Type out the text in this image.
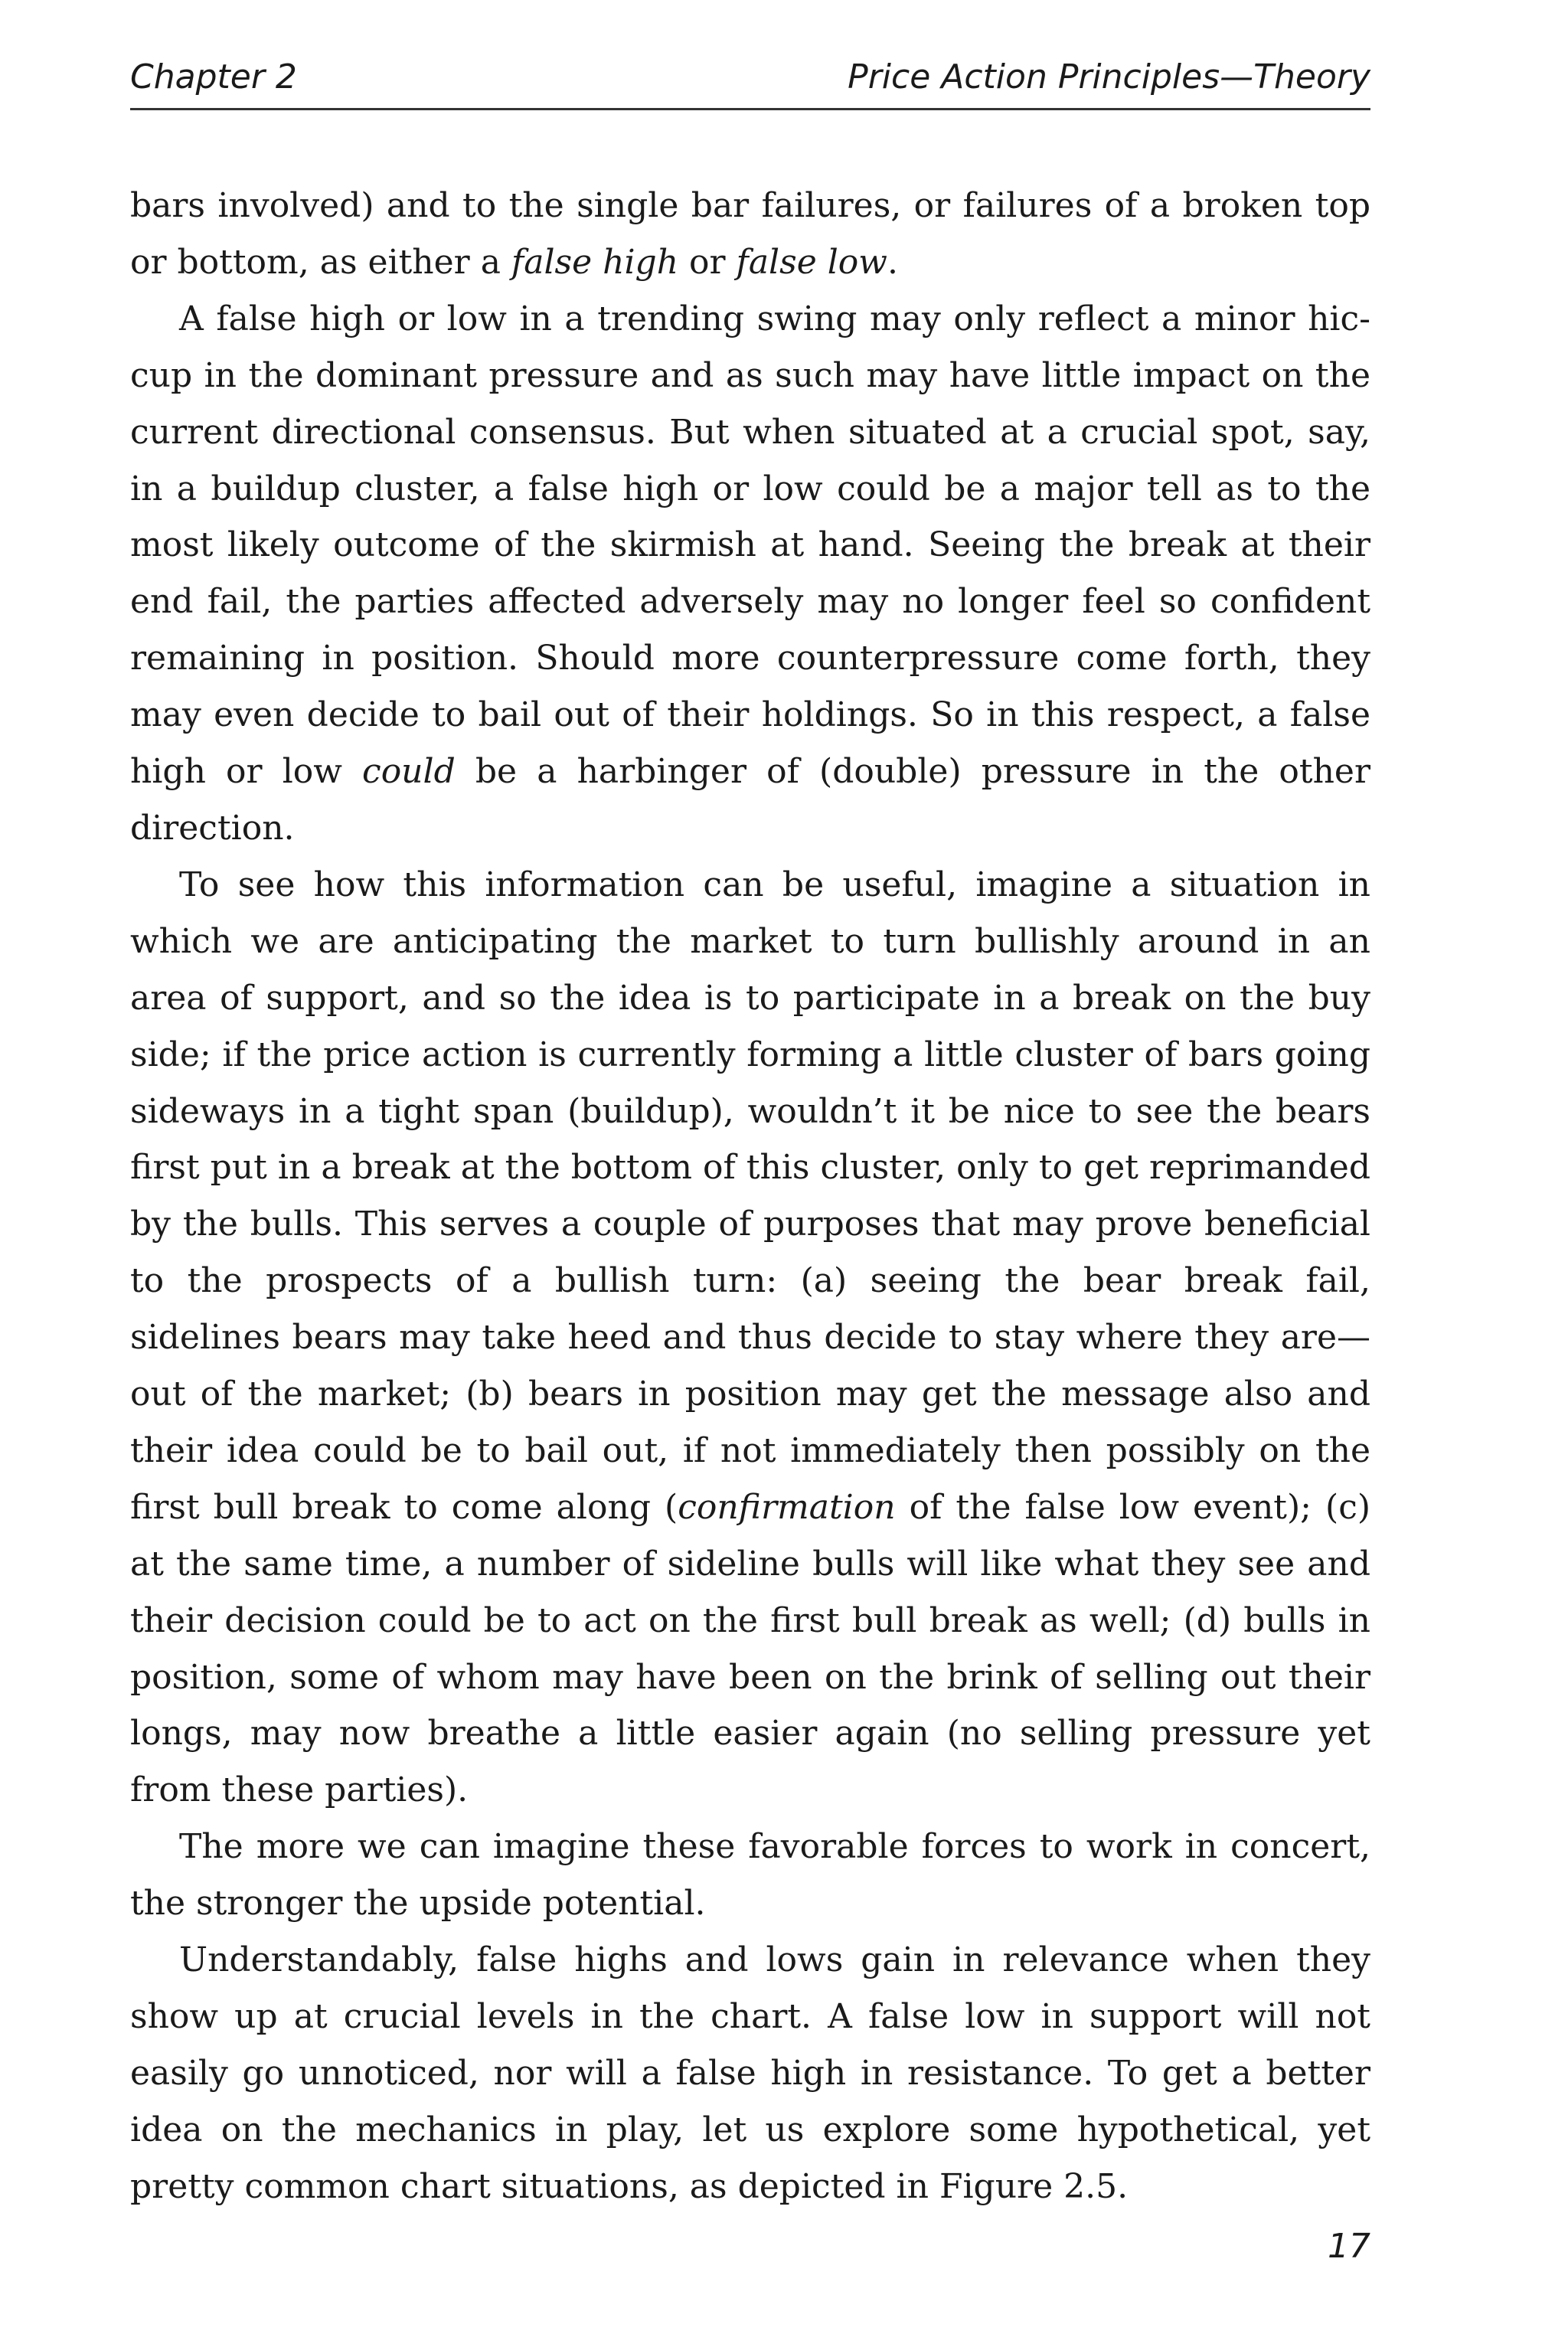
Chapter 2	Price Action Principles—Theory

bars involved) and to the single bar failures, or failures of a broken top or bottom, as either a false high or false low.

A false high or low in a trending swing may only reflect a minor hiccup in the dominant pressure and as such may have little impact on the current directional consensus. But when situated at a crucial spot, say, in a buildup cluster, a false high or low could be a major tell as to the most likely outcome of the skirmish at hand. Seeing the break at their end fail, the parties affected adversely may no longer feel so confident remaining in position. Should more counterpressure come forth, they may even decide to bail out of their holdings. So in this respect, a false high or low could be a harbinger of (double) pressure in the other direction.

To see how this information can be useful, imagine a situation in which we are anticipating the market to turn bullishly around in an area of support, and so the idea is to participate in a break on the buy side; if the price action is currently forming a little cluster of bars going sideways in a tight span (buildup), wouldn’t it be nice to see the bears first put in a break at the bottom of this cluster, only to get reprimanded by the bulls. This serves a couple of purposes that may prove beneficial to the prospects of a bullish turn: (a) seeing the bear break fail, sidelines bears may take heed and thus decide to stay where they are—out of the market; (b) bears in position may get the message also and their idea could be to bail out, if not immediately then possibly on the first bull break to come along (confirmation of the false low event); (c) at the same time, a number of sideline bulls will like what they see and their decision could be to act on the first bull break as well; (d) bulls in position, some of whom may have been on the brink of selling out their longs, may now breathe a little easier again (no selling pressure yet from these parties).

The more we can imagine these favorable forces to work in concert, the stronger the upside potential.

Understandably, false highs and lows gain in relevance when they show up at crucial levels in the chart. A false low in support will not easily go unnoticed, nor will a false high in resistance. To get a better idea on the mechanics in play, let us explore some hypothetical, yet pretty common chart situations, as depicted in Figure 2.5.

17
